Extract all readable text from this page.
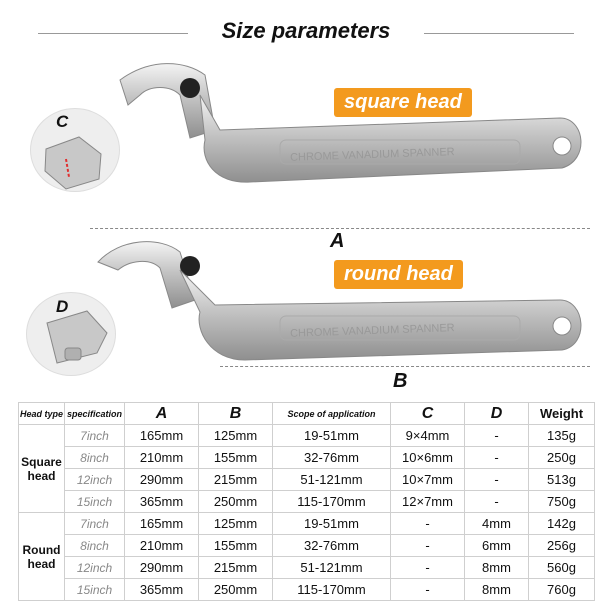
Size parameters
CHROME VANADIUM SPANNER
CHROME VANADIUM SPANNER
C
D
square head
round head
A
B
Head type	specification	A	B	Scope of application	C	D	Weight
Square head	7inch	165mm	125mm	19-51mm	9×4mm	-	135g
	8inch	210mm	155mm	32-76mm	10×6mm	-	250g
	12inch	290mm	215mm	51-121mm	10×7mm	-	513g
	15inch	365mm	250mm	115-170mm	12×7mm	-	750g
Round head	7inch	165mm	125mm	19-51mm	-	4mm	142g
	8inch	210mm	155mm	32-76mm	-	6mm	256g
	12inch	290mm	215mm	51-121mm	-	8mm	560g
	15inch	365mm	250mm	115-170mm	-	8mm	760g
